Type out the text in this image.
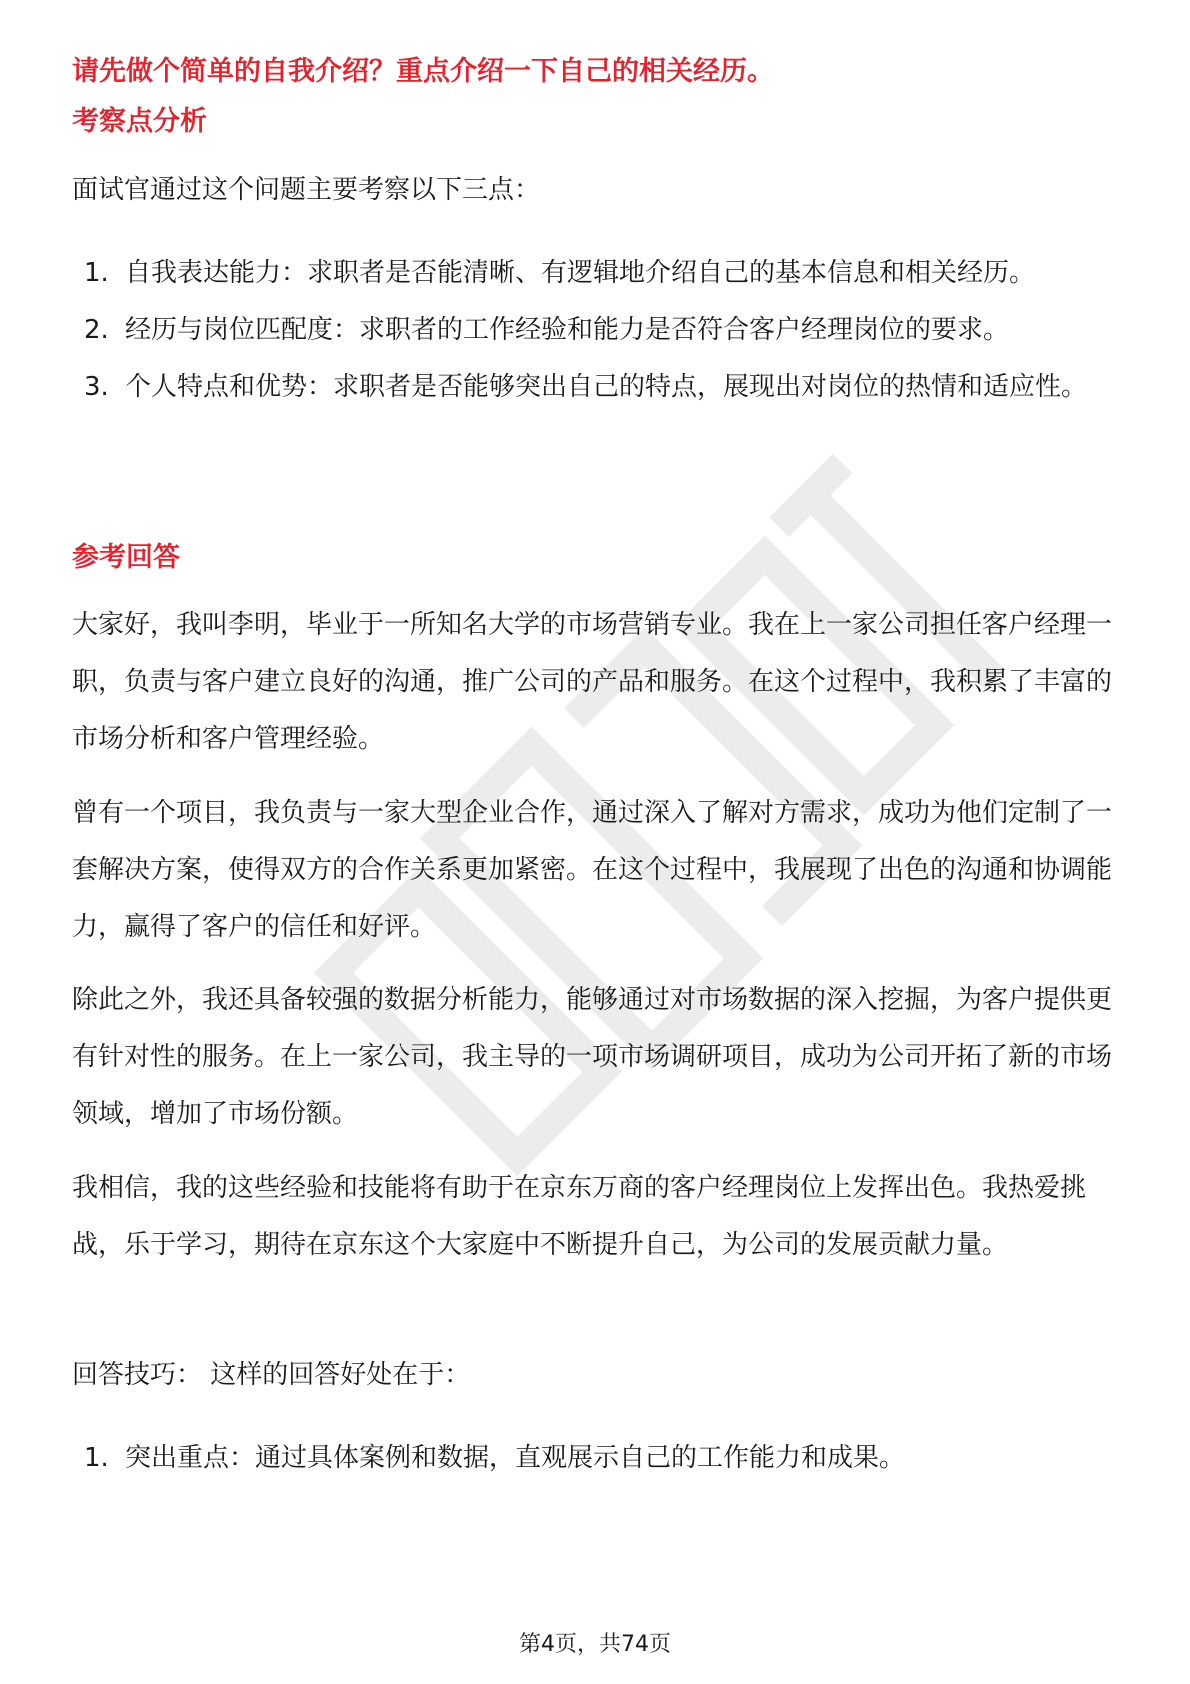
请先做个简单的自我介绍？重点介绍一下自己的相关经历。
考察点分析

面试官通过这个问题主要考察以下三点：

1. 自我表达能力：求职者是否能清晰、有逻辑地介绍自己的基本信息和相关经历。
2. 经历与岗位匹配度：求职者的工作经验和能力是否符合客户经理岗位的要求。
3. 个人特点和优势：求职者是否能够突出自己的特点，展现出对岗位的热情和适应性。
参考回答

大家好，我叫李明，毕业于一所知名大学的市场营销专业。我在上一家公司担任客户经理一职，负责与客户建立良好的沟通，推广公司的产品和服务。在这个过程中，我积累了丰富的市场分析和客户管理经验。

曾有一个项目，我负责与一家大型企业合作，通过深入了解对方需求，成功为他们定制了一套解决方案，使得双方的合作关系更加紧密。在这个过程中，我展现了出色的沟通和协调能力，赢得了客户的信任和好评。

除此之外，我还具备较强的数据分析能力，能够通过对市场数据的深入挖掘，为客户提供更有针对性的服务。在上一家公司，我主导的一项市场调研项目，成功为公司开拓了新的市场领域，增加了市场份额。

我相信，我的这些经验和技能将有助于在京东万商的客户经理岗位上发挥出色。我热爱挑战，乐于学习，期待在京东这个大家庭中不断提升自己，为公司的发展贡献力量。

回答技巧： 这样的回答好处在于：

1. 突出重点：通过具体案例和数据，直观展示自己的工作能力和成果。
第4页，共74页
